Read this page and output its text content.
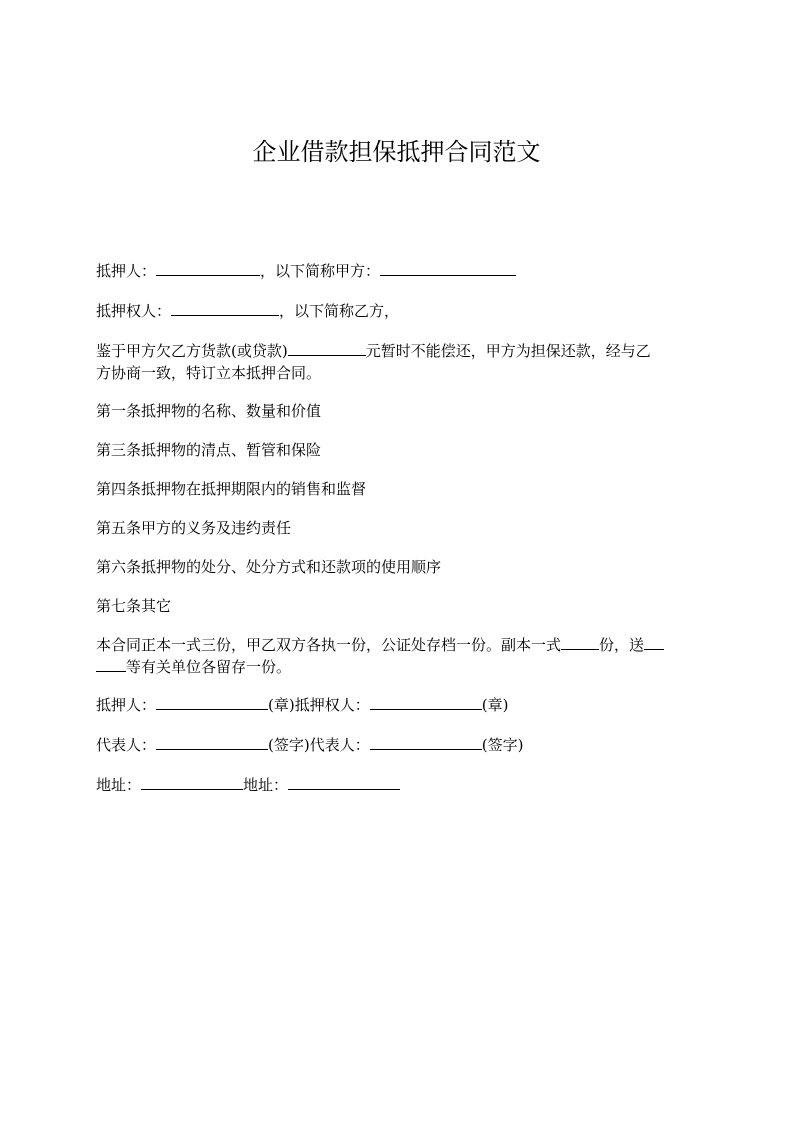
企业借款担保抵押合同范文
抵押人：	，以下简称甲方：
抵押权人：	，以下简称乙方，
鉴于甲方欠乙方货款(或贷款)	元暂时不能偿还，甲方为担保还款，经与乙
方协商一致，特订立本抵押合同。
第一条抵押物的名称、数量和价值
第三条抵押物的清点、暂管和保险
第四条抵押物在抵押期限内的销售和监督
第五条甲方的义务及违约责任
第六条抵押物的处分、处分方式和还款项的使用顺序
第七条其它
本合同正本一式三份，甲乙双方各执一份，公证处存档一份。副本一式	份，送
等有关单位各留存一份。
抵押人：	(章)抵押权人：	(章)
代表人：	(签字)代表人：	(签字)
地址：	地址：
